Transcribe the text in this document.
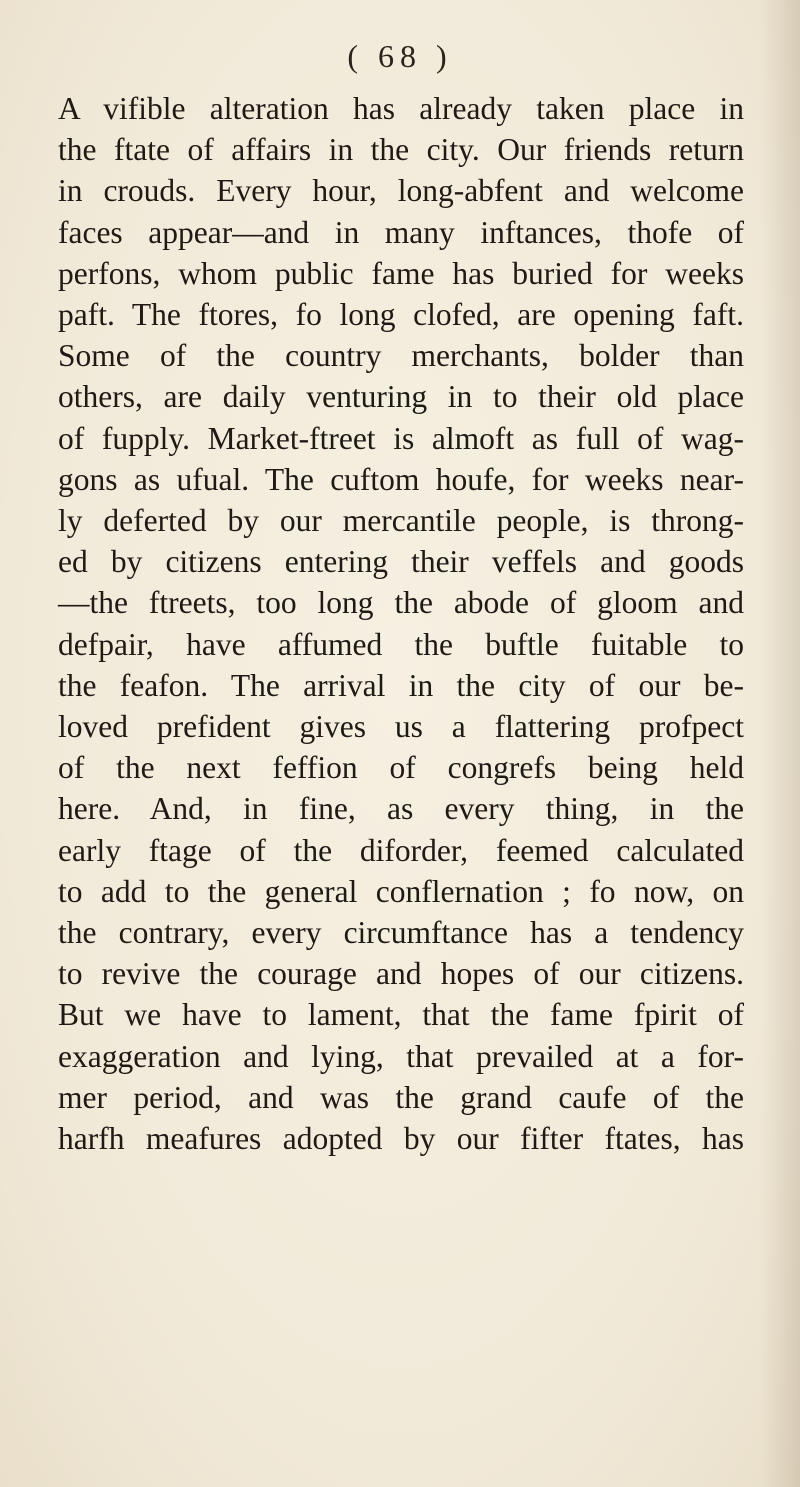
( 68 )
A vifible alteration has already taken place in
the ftate of affairs in the city. Our friends return
in crouds. Every hour, long-abfent and welcome
faces appear—and in many inftances, thofe of
perfons, whom public fame has buried for weeks
paft. The ftores, fo long clofed, are opening faft.
Some of the country merchants, bolder than
others, are daily venturing in to their old place
of fupply. Market-ftreet is almoft as full of wag-
gons as ufual. The cuftom houfe, for weeks near-
ly deferted by our mercantile people, is throng-
ed by citizens entering their veffels and goods
—the ftreets, too long the abode of gloom and
defpair, have affumed the buftle fuitable to
the feafon. The arrival in the city of our be-
loved prefident gives us a flattering profpect
of the next feffion of congrefs being held
here. And, in fine, as every thing, in the
early ftage of the diforder, feemed calculated
to add to the general conflernation ; fo now, on
the contrary, every circumftance has a tendency
to revive the courage and hopes of our citizens.
But we have to lament, that the fame fpirit of
exaggeration and lying, that prevailed at a for-
mer period, and was the grand caufe of the
harfh meafures adopted by our fifter ftates, has
